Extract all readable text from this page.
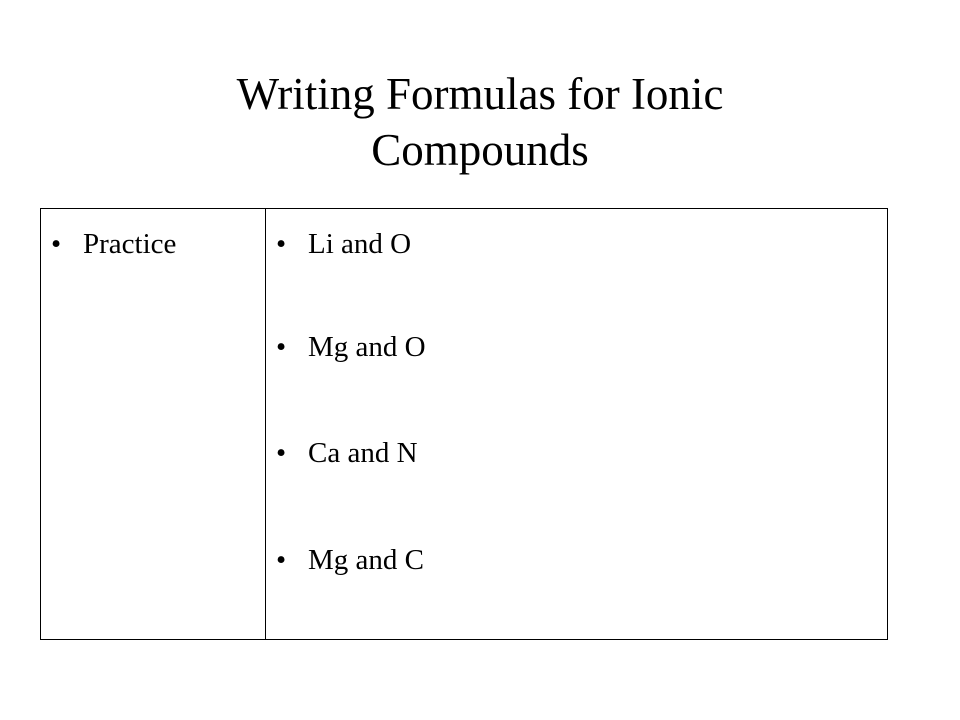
Writing Formulas for Ionic
Compounds
• Practice	• Li and O
• Mg and O
• Ca and N
• Mg and C
